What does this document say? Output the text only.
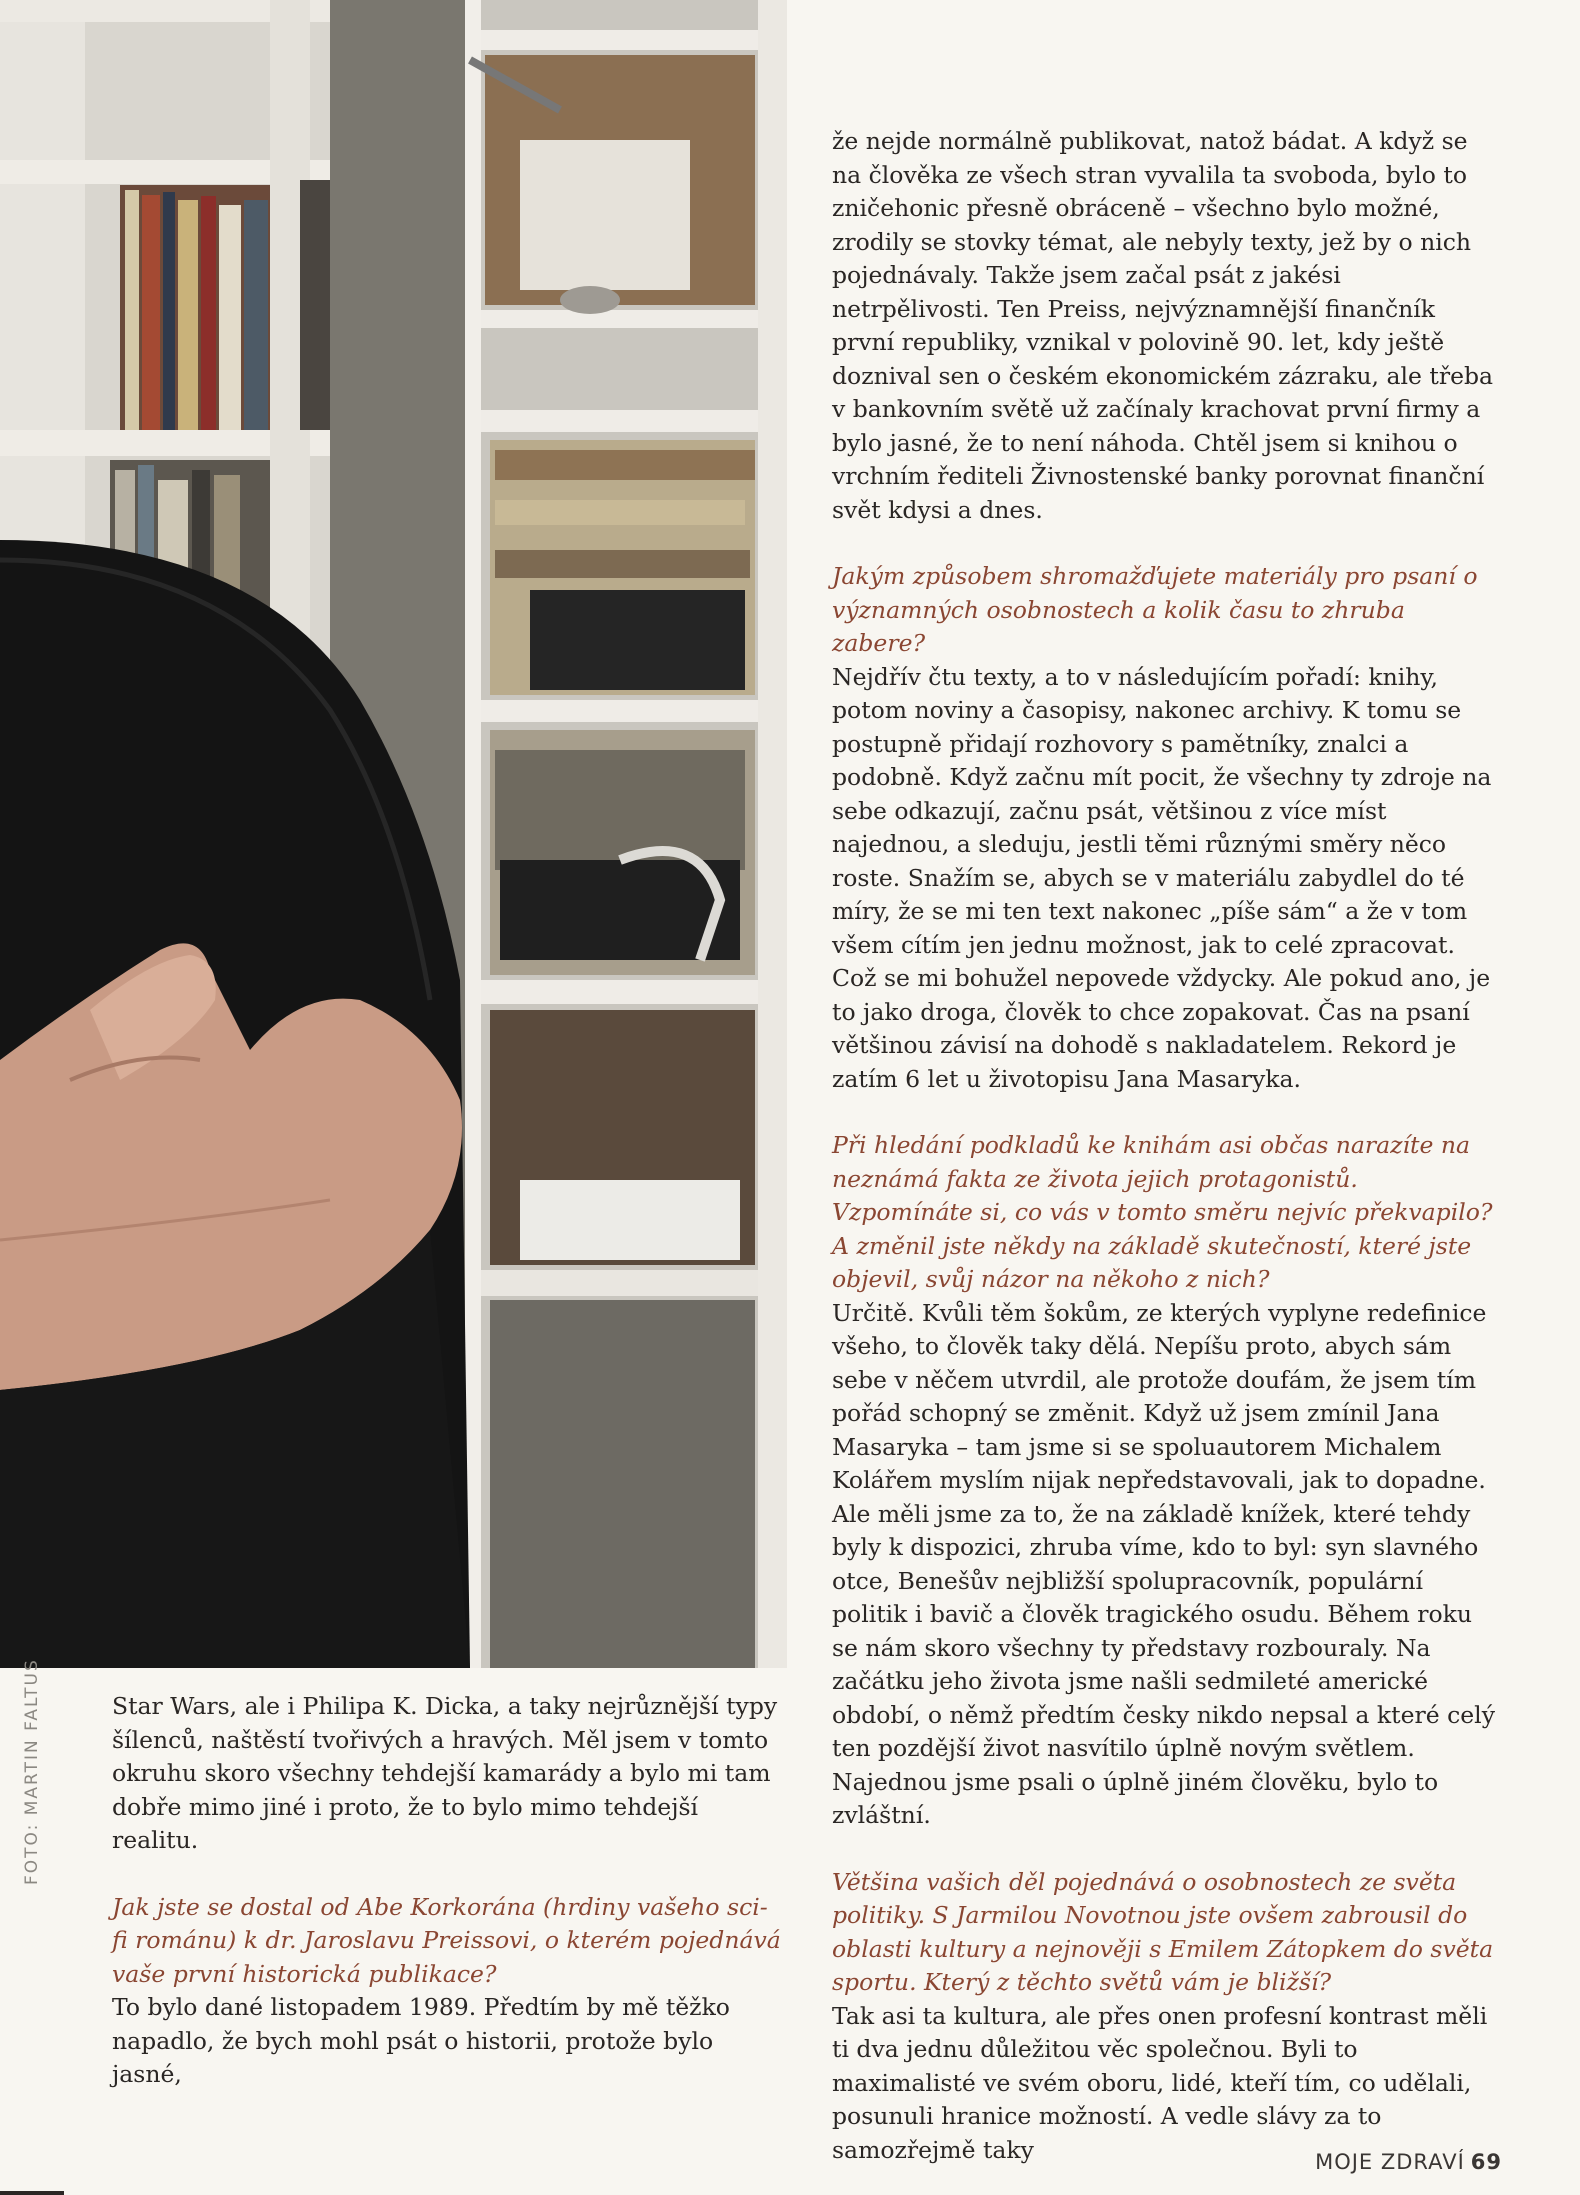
FOTO: MARTIN FALTUS	Star Wars, ale i Philipa K. Dicka, a taky nejrůznější typy šílenců, naštěstí tvořivých a hravých. Měl jsem v tomto okruhu skoro všechny tehdejší kamarády a bylo mi tam dobře mimo jiné i proto, že to bylo mimo tehdejší realitu.

Jak jste se dostal od Abe Korkorána (hrdiny vašeho sci-fi románu) k dr. Jaroslavu Preissovi, o kterém pojednává vaše první historická publikace?

To bylo dané listopadem 1989. Předtím by mě těžko napadlo, že bych mohl psát o historii, protože bylo jasné,

že nejde normálně publikovat, natož bádat. A když se na člověka ze všech stran vyvalila ta svoboda, bylo to zničehonic přesně obráceně – všechno bylo možné, zrodily se stovky témat, ale nebyly texty, jež by o nich pojednávaly. Takže jsem začal psát z jakési netrpělivosti. Ten Preiss, nejvýznamnější finančník první republiky, vznikal v polovině 90. let, kdy ještě doznival sen o českém ekonomickém zázraku, ale třeba v bankovním světě už začínaly krachovat první firmy a bylo jasné, že to není náhoda. Chtěl jsem si knihou o vrchním řediteli Živnostenské banky porovnat finanční svět kdysi a dnes.

Jakým způsobem shromažďujete materiály pro psaní o významných osobnostech a kolik času to zhruba zabere?

Nejdřív čtu texty, a to v následujícím pořadí: knihy, potom noviny a časopisy, nakonec archivy. K tomu se postupně přidají rozhovory s pamětníky, znalci a podobně. Když začnu mít pocit, že všechny ty zdroje na sebe odkazují, začnu psát, většinou z více míst najednou, a sleduju, jestli těmi různými směry něco roste. Snažím se, abych se v materiálu zabydlel do té míry, že se mi ten text nakonec „píše sám“ a že v tom všem cítím jen jednu možnost, jak to celé zpracovat. Což se mi bohužel nepovede vždycky. Ale pokud ano, je to jako droga, člověk to chce zopakovat. Čas na psaní většinou závisí na dohodě s nakladatelem. Rekord je zatím 6 let u životopisu Jana Masaryka.

Při hledání podkladů ke knihám asi občas narazíte na neznámá fakta ze života jejich protagonistů. Vzpomínáte si, co vás v tomto směru nejvíc překvapilo? A změnil jste někdy na základě skutečností, které jste objevil, svůj názor na někoho z nich?

Určitě. Kvůli těm šokům, ze kterých vyplyne redefinice všeho, to člověk taky dělá. Nepíšu proto, abych sám sebe v něčem utvrdil, ale protože doufám, že jsem tím pořád schopný se změnit. Když už jsem zmínil Jana Masaryka – tam jsme si se spoluautorem Michalem Kolářem myslím nijak nepředstavovali, jak to dopadne. Ale měli jsme za to, že na základě knížek, které tehdy byly k dispozici, zhruba víme, kdo to byl: syn slavného otce, Benešův nejbližší spolupracovník, populární politik i bavič a člověk tragického osudu. Během roku se nám skoro všechny ty představy rozbouraly. Na začátku jeho života jsme našli sedmileté americké období, o němž předtím česky nikdo nepsal a které celý ten pozdější život nasvítilo úplně novým světlem. Najednou jsme psali o úplně jiném člověku, bylo to zvláštní.

Většina vašich děl pojednává o osobnostech ze světa politiky. S Jarmilou Novotnou jste ovšem zabrousil do oblasti kultury a nejnověji s Emilem Zátopkem do světa sportu. Který z těchto světů vám je bližší?

Tak asi ta kultura, ale přes onen profesní kontrast měli ti dva jednu důležitou věc společnou. Byli to maximalisté ve svém oboru, lidé, kteří tím, co udělali, posunuli hranice možností. A vedle slávy za to samozřejmě taky	MOJE ZDRAVÍ 69
